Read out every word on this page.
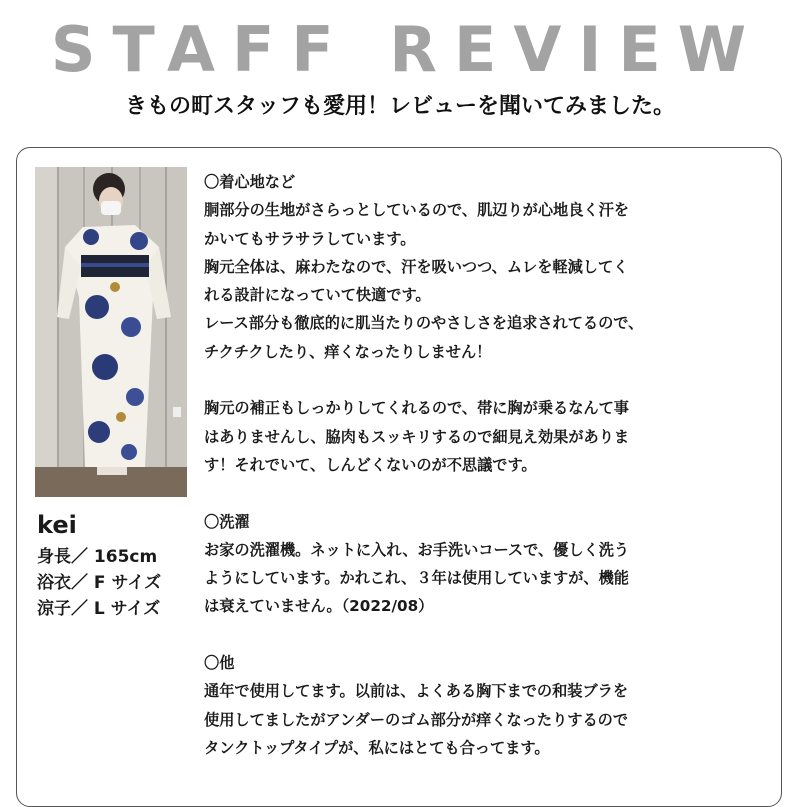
STAFF REVIEW
きもの町スタッフも愛用！レビューを聞いてみました。
kei
身長／ 165cm
浴衣／ F サイズ
涼子／ L サイズ

〇着心地など

胴部分の生地がさらっとしているので、肌辺りが心地良く汗を
かいてもサラサラしています。
胸元全体は、麻わたなので、汗を吸いつつ、ムレを軽減してく
れる設計になっていて快適です。
レース部分も徹底的に肌当たりのやさしさを追求されてるので、
チクチクしたり、痒くなったりしません！

胸元の補正もしっかりしてくれるので、帯に胸が乗るなんて事
はありませんし、脇肉もスッキリするので細見え効果がありま
す！それでいて、しんどくないのが不思議です。

〇洗濯

お家の洗濯機。ネットに入れ、お手洗いコースで、優しく洗う
ようにしています。かれこれ、３年は使用していますが、機能
は衰えていません。（2022/08）

〇他

通年で使用してます。以前は、よくある胸下までの和装ブラを
使用してましたがアンダーのゴム部分が痒くなったりするので
タンクトップタイプが、私にはとても合ってます。
